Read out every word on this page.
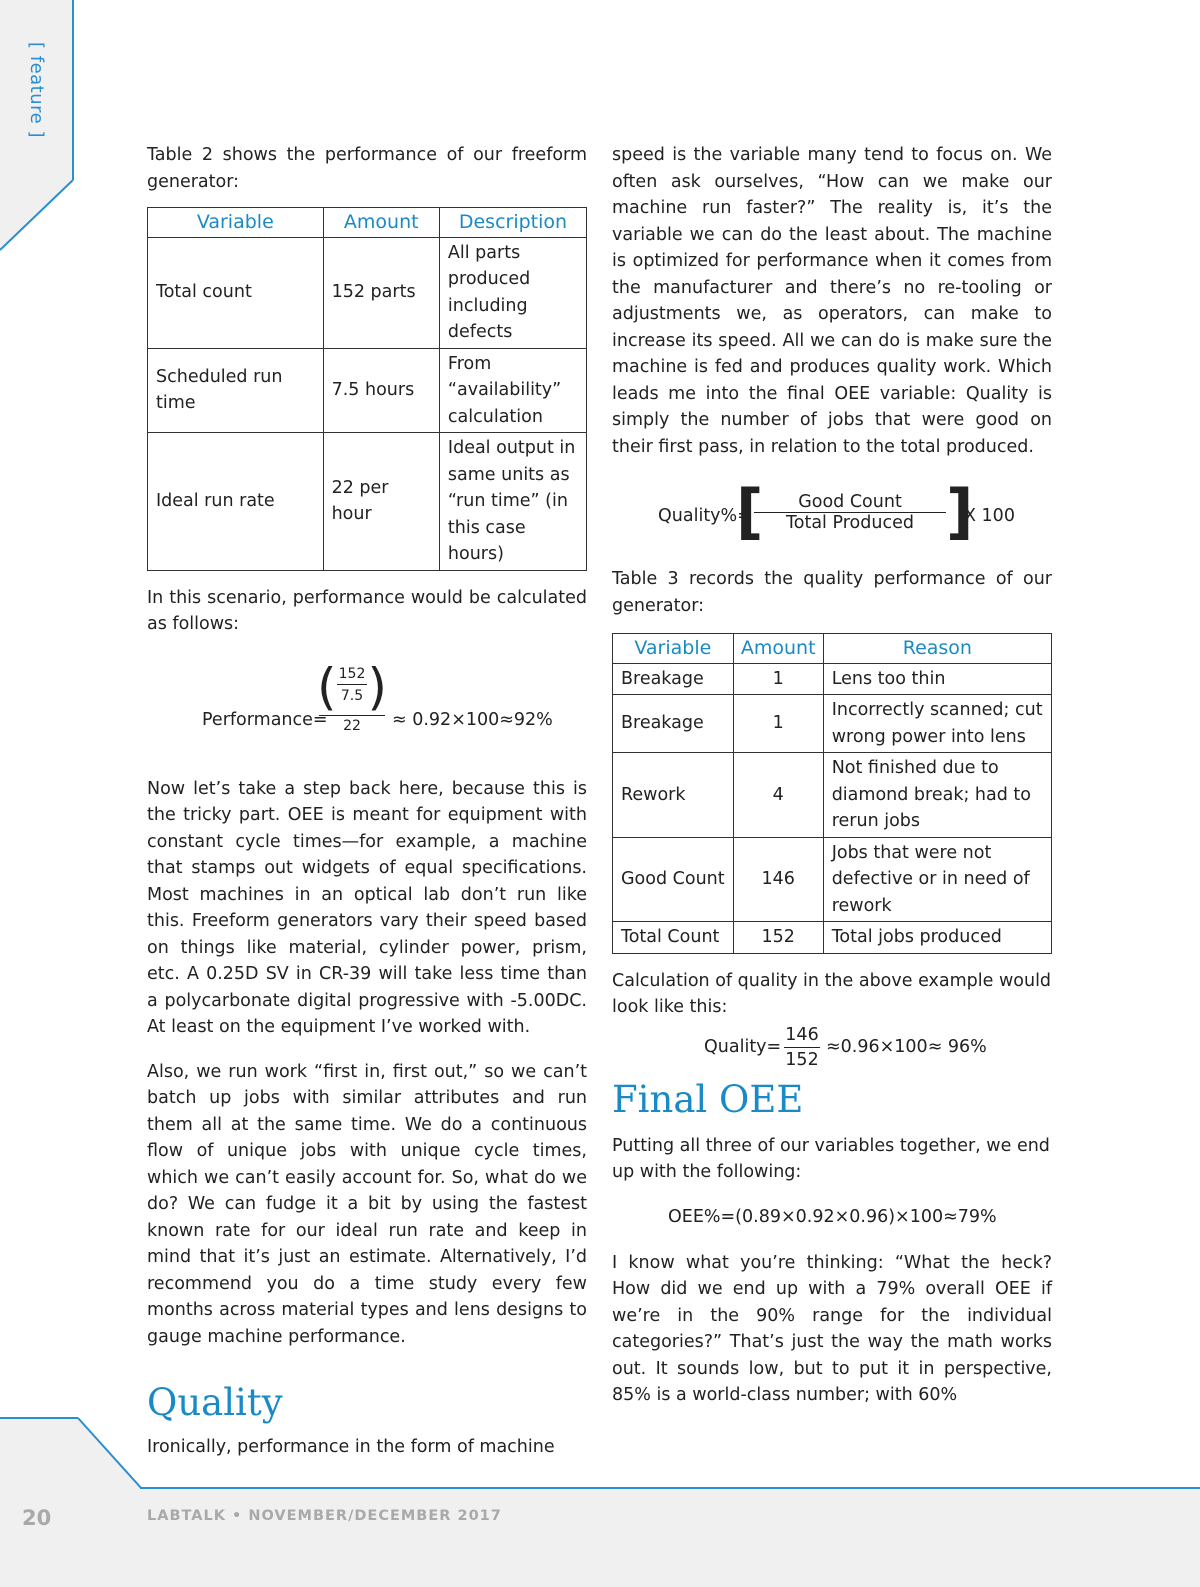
[ feature ]

Table 2 shows the performance of our freeform generator:

Variable	Amount	Description
Total count	152 parts	All parts produced including defects
Scheduled run time	7.5 hours	From “availability” calculation
Ideal run rate	22 per hour	Ideal output in same units as “run time” (in this case hours)

In this scenario, performance would be calculated as follows:

Performance=
( 152
7.5 )
22	≈ 0.92×100≈92%

Now let’s take a step back here, because this is the tricky part. OEE is meant for equipment with constant cycle times—for example, a machine that stamps out widgets of equal specifications. Most machines in an optical lab don’t run like this. Freeform generators vary their speed based on things like material, cylinder power, prism, etc. A 0.25D SV in CR-39 will take less time than a polycarbonate digital progressive with -5.00DC. At least on the equipment I’ve worked with.

Also, we run work “first in, first out,” so we can’t batch up jobs with similar attributes and run them all at the same time. We do a continuous flow of unique jobs with unique cycle times, which we can’t easily account for. So, what do we do? We can fudge it a bit by using the fastest known rate for our ideal run rate and keep in mind that it’s just an estimate. Alternatively, I’d recommend you do a time study every few months across material types and lens designs to gauge machine performance.

Quality

Ironically, performance in the form of machine

speed is the variable many tend to focus on. We often ask ourselves, “How can we make our machine run faster?” The reality is, it’s the variable we can do the least about. The machine is optimized for performance when it comes from the manufacturer and there’s no re-tooling or adjustments we, as operators, can make to increase its speed. All we can do is make sure the machine is fed and produces quality work. Which leads me into the final OEE variable: Quality is simply the number of jobs that were good on their first pass, in relation to the total produced.

Quality%=
[	Good Count
Total Produced ]
X 100

Table 3 records the quality performance of our generator:

Variable	Amount	Reason
Breakage	1	Lens too thin
Breakage	1	Incorrectly scanned; cut wrong power into lens
Rework	4	Not finished due to diamond break; had to rerun jobs
Good Count	146	Jobs that were not defective or in need of rework
Total Count	152	Total jobs produced

Calculation of quality in the above example would look like this:

Quality= $\frac{146}{152} \approx 0.96\times 100\approx 96\%$
Final OEE

Putting all three of our variables together, we end up with the following:

OEE%=(0.89×0.92×0.96)×100≈79%

I know what you’re thinking: “What the heck? How did we end up with a 79% overall OEE if we’re in the 90% range for the individual categories?” That’s just the way the math works out. It sounds low, but to put it in perspective, 85% is a world-class number; with 60%

20	LABTALK • NOVEMBER/DECEMBER 2017
